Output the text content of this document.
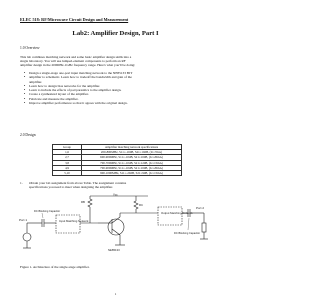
ELEC 518: RF/Microwave Circuit Design and Measurement
Lab2: Amplifier Design, Part I
1.0 Overview
This lab combines matching network and some basic amplifier design skills into a
single laboratory. You will use lumped-element components to perform an RF
amplifier design in the 200MHz-1GHz frequency range. Here's what you'll be doing:
• Design a single-stage one-port input matching network to the NE85133 BJT
• amplifier to schematic. Learn how to tradeoff the bandwidth and gain of the
amplifier.
• Learn how to design bias networks for the amplifier.
• Learn to include the effects of pad parasitics to the amplifier design.
• Create a synthesized layout of the amplifier.
• Fabricate and measure the amplifier.
• Improve amplifier performance so that it agrees with the original design.
2.0 Design
Group	Amplifier matching network specifications
1,6	200-800MHz, S11=-10dB, S21=10dB, (Ic=7mA)
2,7	600-900MHz, S11=-10dB, S21=10dB, (Ic=20mA)
3,8	700-700MHz, S11=-10dB, S21=12dB, (Ic=15mA)
4,9	700-900MHz, S11=-10dB, S21=10dB, (Ic=20mA)
5,10	900-1000MHz, S11=-20dB, S21=9dB, (Ic=15mA)
1. Obtain your lab assignment from above Table. The assignment contains
specifications you need to meet when designing the amplifier.
Port 1
DC Blocking Capacitor
Input Matching Network
RB
NE85133
Vcc
RC
Output Matching Network
DC Blocking Capacitor
Port 2
Figure 1. Architecture of the single-stage amplifier.
1
